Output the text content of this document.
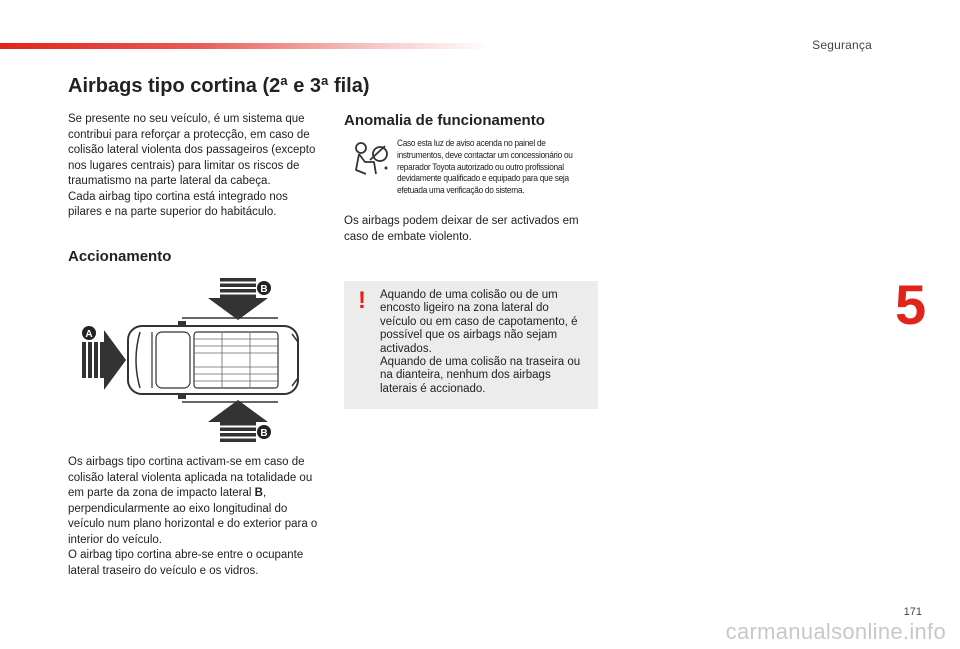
Segurança
Airbags tipo cortina (2ª e 3ª fila)

Se presente no seu veículo, é um sistema que contribui para reforçar a protecção, em caso de colisão lateral violenta dos passageiros (excepto nos lugares centrais) para limitar os riscos de traumatismo na parte lateral da cabeça.

Cada airbag tipo cortina está integrado nos pilares e na parte superior do habitáculo.

Accionamento
A
B
B

Os airbags tipo cortina activam-se em caso de colisão lateral violenta aplicada na totalidade ou em parte da zona de impacto lateral B, perpendicularmente ao eixo longitudinal do veículo num plano horizontal e do exterior para o interior do veículo.

O airbag tipo cortina abre-se entre o ocupante lateral traseiro do veículo e os vidros.

Anomalia de funcionamento

Caso esta luz de aviso acenda no painel de instrumentos, deve contactar um concessionário ou reparador Toyota autorizado ou outro profissional devidamente qualificado e equipado para que seja efetuada uma verificação do sistema.

Os airbags podem deixar de ser activados em caso de embate violento.

! Aquando de uma colisão ou de um encosto ligeiro na zona lateral do veículo ou em caso de capotamento, é possível que os airbags não sejam activados.

Aquando de uma colisão na traseira ou na dianteira, nenhum dos airbags laterais é accionado.

5
171
carmanualsonline.info
